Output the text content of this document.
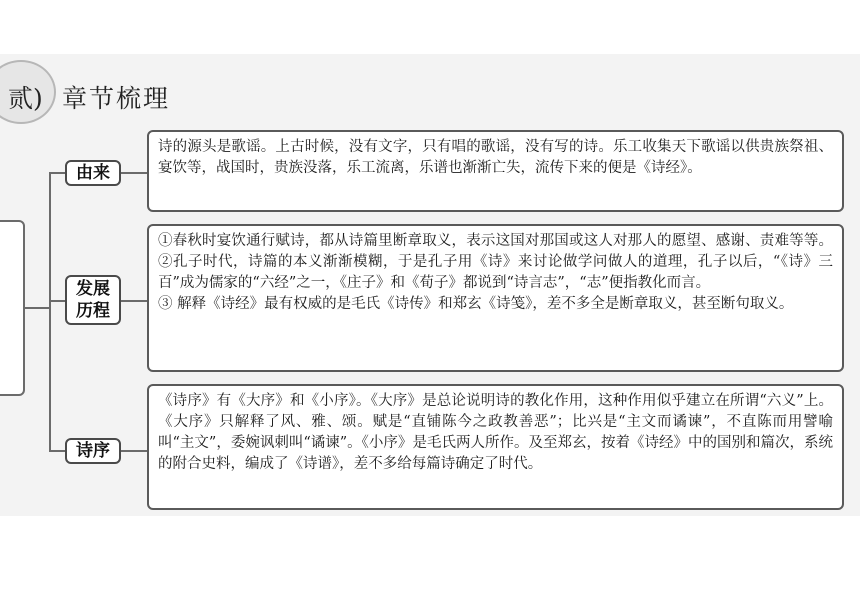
贰) 章节梳理
由来
发展
历程
诗序

诗的源头是歌谣。上古时候，没有文字，只有唱的歌谣，没有写的诗。乐工收集天下歌谣以供贵族祭祖、宴饮等，战国时，贵族没落，乐工流离，乐谱也渐渐亡失，流传下来的便是《诗经》。

①春秋时宴饮通行赋诗，都从诗篇里断章取义，表示这国对那国或这人对那人的愿望、感谢、责难等等。②孔子时代，诗篇的本义渐渐模糊，于是孔子用《诗》来讨论做学问做人的道理，孔子以后，“《诗》三百”成为儒家的“六经”之一，《庄子》和《荀子》都说到“诗言志”，“志”便指教化而言。

③ 解释《诗经》最有权威的是毛氏《诗传》和郑玄《诗笺》，差不多全是断章取义，甚至断句取义。

《诗序》有《大序》和《小序》。《大序》是总论说明诗的教化作用，这种作用似乎建立在所谓“六义”上。《大序》只解释了风、雅、颂。赋是“直铺陈今之政教善恶”；比兴是“主文而谲谏”，不直陈而用譬喻叫“主文”，委婉讽刺叫“谲谏”。《小序》是毛氏两人所作。及至郑玄，按着《诗经》中的国别和篇次，系统的附合史料，编成了《诗谱》，差不多给每篇诗确定了时代。
